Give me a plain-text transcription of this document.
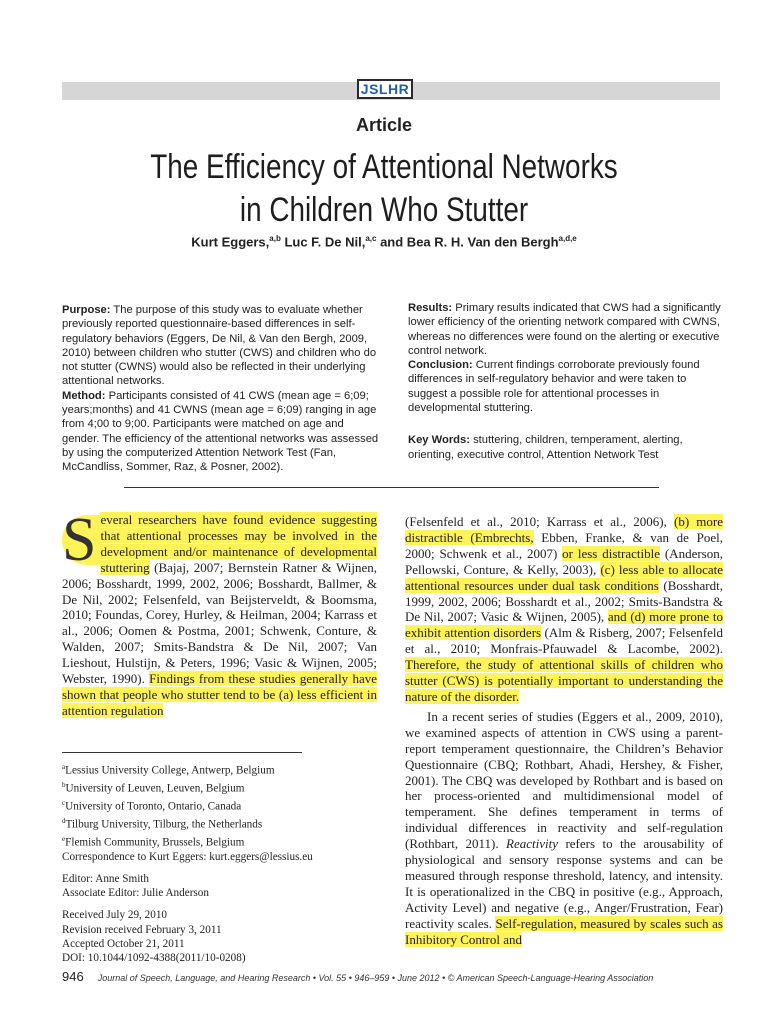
JSLHR
Article
The Efficiency of Attentional Networks
in Children Who Stutter
Kurt Eggers,$^{a,b}$ Luc F. De Nil,$^{a,c}$ and Bea R. H. Van den Bergh$^{a,d,e}$

Purpose: The purpose of this study was to evaluate whether previously reported questionnaire-based differences in self-regulatory behaviors (Eggers, De Nil, & Van den Bergh, 2009, 2010) between children who stutter (CWS) and children who do not stutter (CWNS) would also be reflected in their underlying attentional networks.

Method: Participants consisted of 41 CWS (mean age = 6;09; years;months) and 41 CWNS (mean age = 6;09) ranging in age from 4;00 to 9;00. Participants were matched on age and gender. The efficiency of the attentional networks was assessed by using the computerized Attention Network Test (Fan, McCandliss, Sommer, Raz, & Posner, 2002).

Results: Primary results indicated that CWS had a significantly lower efficiency of the orienting network compared with CWNS, whereas no differences were found on the alerting or executive control network.

Conclusion: Current findings corroborate previously found differences in self-regulatory behavior and were taken to suggest a possible role for attentional processes in developmental stuttering.

Key Words: stuttering, children, temperament, alerting, orienting, executive control, Attention Network Test

S everal researchers have found evidence suggesting that attentional processes may be involved in the development and/or maintenance of developmental stuttering (Bajaj, 2007; Bernstein Ratner & Wijnen, 2006; Bosshardt, 1999, 2002, 2006; Bosshardt, Ballmer, & De Nil, 2002; Felsenfeld, van Beijsterveldt, & Boomsma, 2010; Foundas, Corey, Hurley, & Heilman, 2004; Karrass et al., 2006; Oomen & Postma, 2001; Schwenk, Conture, & Walden, 2007; Smits-Bandstra & De Nil, 2007; Van Lieshout, Hulstijn, & Peters, 1996; Vasic & Wijnen, 2005; Webster, 1990). Findings from these studies generally have shown that people who stutter tend to be (a) less efficient in attention regulation

$^a$Lessius University College, Antwerp, Belgium
$^b$University of Leuven, Leuven, Belgium
$^c$University of Toronto, Ontario, Canada
$^d$Tilburg University, Tilburg, the Netherlands
$^e$Flemish Community, Brussels, Belgium
Correspondence to Kurt Eggers: kurt.eggers@lessius.eu
Editor: Anne Smith
Associate Editor: Julie Anderson
Received July 29, 2010
Revision received February 3, 2011
Accepted October 21, 2011
DOI: 10.1044/1092-4388(2011/10-0208)

(Felsenfeld et al., 2010; Karrass et al., 2006), (b) more distractible (Embrechts, Ebben, Franke, & van de Poel, 2000; Schwenk et al., 2007) or less distractible (Anderson, Pellowski, Conture, & Kelly, 2003), (c) less able to allocate attentional resources under dual task conditions (Bosshardt, 1999, 2002, 2006; Bosshardt et al., 2002; Smits-Bandstra & De Nil, 2007; Vasic & Wijnen, 2005), and (d) more prone to exhibit attention disorders (Alm & Risberg, 2007; Felsenfeld et al., 2010; Monfrais-Pfauwadel & Lacombe, 2002). Therefore, the study of attentional skills of children who stutter (CWS) is potentially important to understanding the nature of the disorder.

In a recent series of studies (Eggers et al., 2009, 2010), we examined aspects of attention in CWS using a parent-report temperament questionnaire, the Children’s Behavior Questionnaire (CBQ; Rothbart, Ahadi, Hershey, & Fisher, 2001). The CBQ was developed by Rothbart and is based on her process-oriented and multidimensional model of temperament. She defines temperament in terms of individual differences in reactivity and self-regulation (Rothbart, 2011). Reactivity refers to the arousability of physiological and sensory response systems and can be measured through response threshold, latency, and intensity. It is operationalized in the CBQ in positive (e.g., Approach, Activity Level) and negative (e.g., Anger/Frustration, Fear) reactivity scales. Self-regulation, measured by scales such as Inhibitory Control and

946 Journal of Speech, Language, and Hearing Research • Vol. 55 • 946–959 • June 2012 • © American Speech-Language-Hearing Association
